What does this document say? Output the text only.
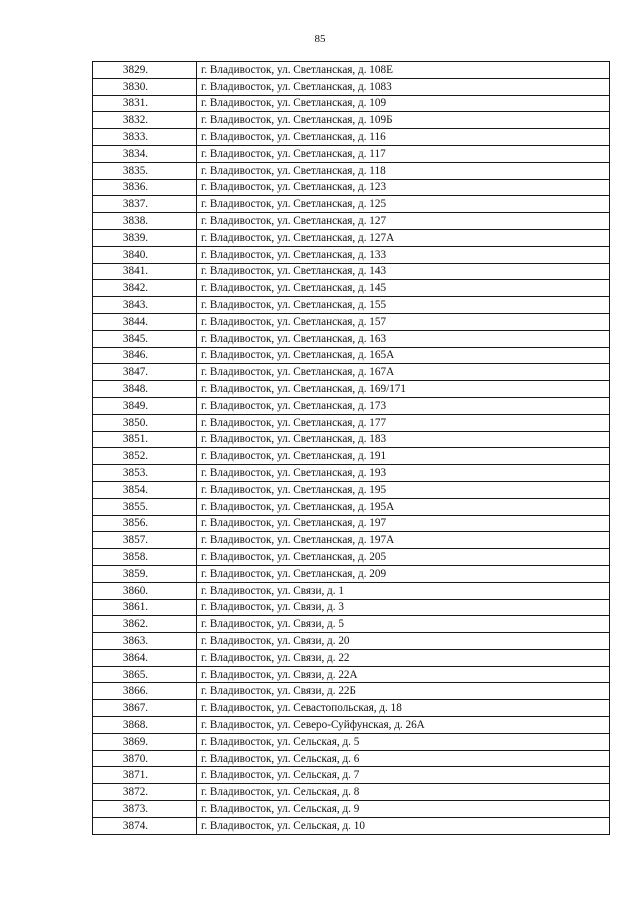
85
3829.	г. Владивосток, ул. Светланская, д. 108Е
3830.	г. Владивосток, ул. Светланская, д. 1083
3831.	г. Владивосток, ул. Светланская, д. 109
3832.	г. Владивосток, ул. Светланская, д. 109Б
3833.	г. Владивосток, ул. Светланская, д. 116
3834.	г. Владивосток, ул. Светланская, д. 117
3835.	г. Владивосток, ул. Светланская, д. 118
3836.	г. Владивосток, ул. Светланская, д. 123
3837.	г. Владивосток, ул. Светланская, д. 125
3838.	г. Владивосток, ул. Светланская, д. 127
3839.	г. Владивосток, ул. Светланская, д. 127А
3840.	г. Владивосток, ул. Светланская, д. 133
3841.	г. Владивосток, ул. Светланская, д. 143
3842.	г. Владивосток, ул. Светланская, д. 145
3843.	г. Владивосток, ул. Светланская, д. 155
3844.	г. Владивосток, ул. Светланская, д. 157
3845.	г. Владивосток, ул. Светланская, д. 163
3846.	г. Владивосток, ул. Светланская, д. 165А
3847.	г. Владивосток, ул. Светланская, д. 167А
3848.	г. Владивосток, ул. Светланская, д. 169/171
3849.	г. Владивосток, ул. Светланская, д. 173
3850.	г. Владивосток, ул. Светланская, д. 177
3851.	г. Владивосток, ул. Светланская, д. 183
3852.	г. Владивосток, ул. Светланская, д. 191
3853.	г. Владивосток, ул. Светланская, д. 193
3854.	г. Владивосток, ул. Светланская, д. 195
3855.	г. Владивосток, ул. Светланская, д. 195А
3856.	г. Владивосток, ул. Светланская, д. 197
3857.	г. Владивосток, ул. Светланская, д. 197А
3858.	г. Владивосток, ул. Светланская, д. 205
3859.	г. Владивосток, ул. Светланская, д. 209
3860.	г. Владивосток, ул. Связи, д. 1
3861.	г. Владивосток, ул. Связи, д. 3
3862.	г. Владивосток, ул. Связи, д. 5
3863.	г. Владивосток, ул. Связи, д. 20
3864.	г. Владивосток, ул. Связи, д. 22
3865.	г. Владивосток, ул. Связи, д. 22А
3866.	г. Владивосток, ул. Связи, д. 22Б
3867.	г. Владивосток, ул. Севастопольская, д. 18
3868.	г. Владивосток, ул. Северо-Суйфунская, д. 26А
3869.	г. Владивосток, ул. Сельская, д. 5
3870.	г. Владивосток, ул. Сельская, д. 6
3871.	г. Владивосток, ул. Сельская, д. 7
3872.	г. Владивосток, ул. Сельская, д. 8
3873.	г. Владивосток, ул. Сельская, д. 9
3874.	г. Владивосток, ул. Сельская, д. 10
